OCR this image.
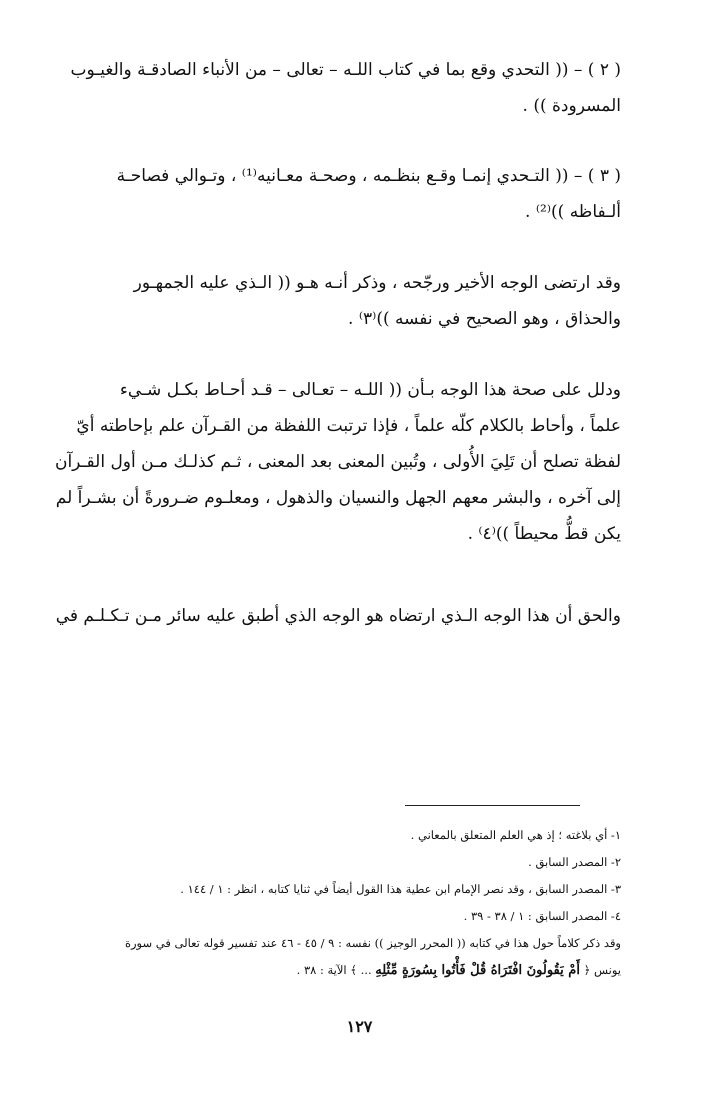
( ٢ ) – (( التحدي وقع بما في كتاب اللـه – تعالى – من الأنباء الصادقـة والغيـوب
المسرودة )) .
( ٣ ) – (( التـحدي إنمـا وقـع بنظـمه ، وصحـة معـانيه⁽¹⁾ ، وتـوالي فصاحـة
ألـفاظه ))⁽²⁾ .
وقد ارتضى الوجه الأخير ورجّحه ، وذكر أنـه هـو (( الـذي عليه الجمهـور
والحذاق ، وهو الصحيح في نفسه ))⁽٣⁾ .
ودلل على صحة هذا الوجه بـأن (( اللـه – تعـالى – قـد أحـاط بكـل شـيء
علماً ، وأحاط بالكلام كلّه علماً ، فإذا ترتبت اللفظة من القـرآن علم بإحاطته أيّ
لفظة تصلح أن تَلِيَ الأُولى ، وتُبين المعنى بعد المعنى ، ثـم كذلـك مـن أول القـرآن
إلى آخره ، والبشر معهم الجهل والنسيان والذهول ، ومعلـوم ضـرورةً أن بشـراً لم
يكن قطُّ محيطاً ))⁽٤⁾ .
والحق أن هذا الوجه الـذي ارتضاه هو الوجه الذي أطبق عليه سائر مـن تـكـلـم في
١- أي بلاغته ؛ إذ هي العلم المتعلق بالمعاني .
٢- المصدر السابق .
٣- المصدر السابق ، وقد نصر الإمام ابن عطية هذا القول أيضاً في ثنايا كتابه ، انظر : ١ / ١٤٤ .
٤- المصدر السابق : ١ / ٣٨ - ٣٩ .
وقد ذكر كلاماً حول هذا في كتابه (( المحرر الوجيز )) نفسه : ٩ / ٤٥ - ٤٦ عند تفسير قوله تعالى في سورة
يونس ﴿ أَمْ يَقُولُونَ افْتَرَاهُ قُلْ فَأْتُوا بِسُورَةٍ مِّثْلِهِ ... ﴾ الآية : ٣٨ .
١٢٧
